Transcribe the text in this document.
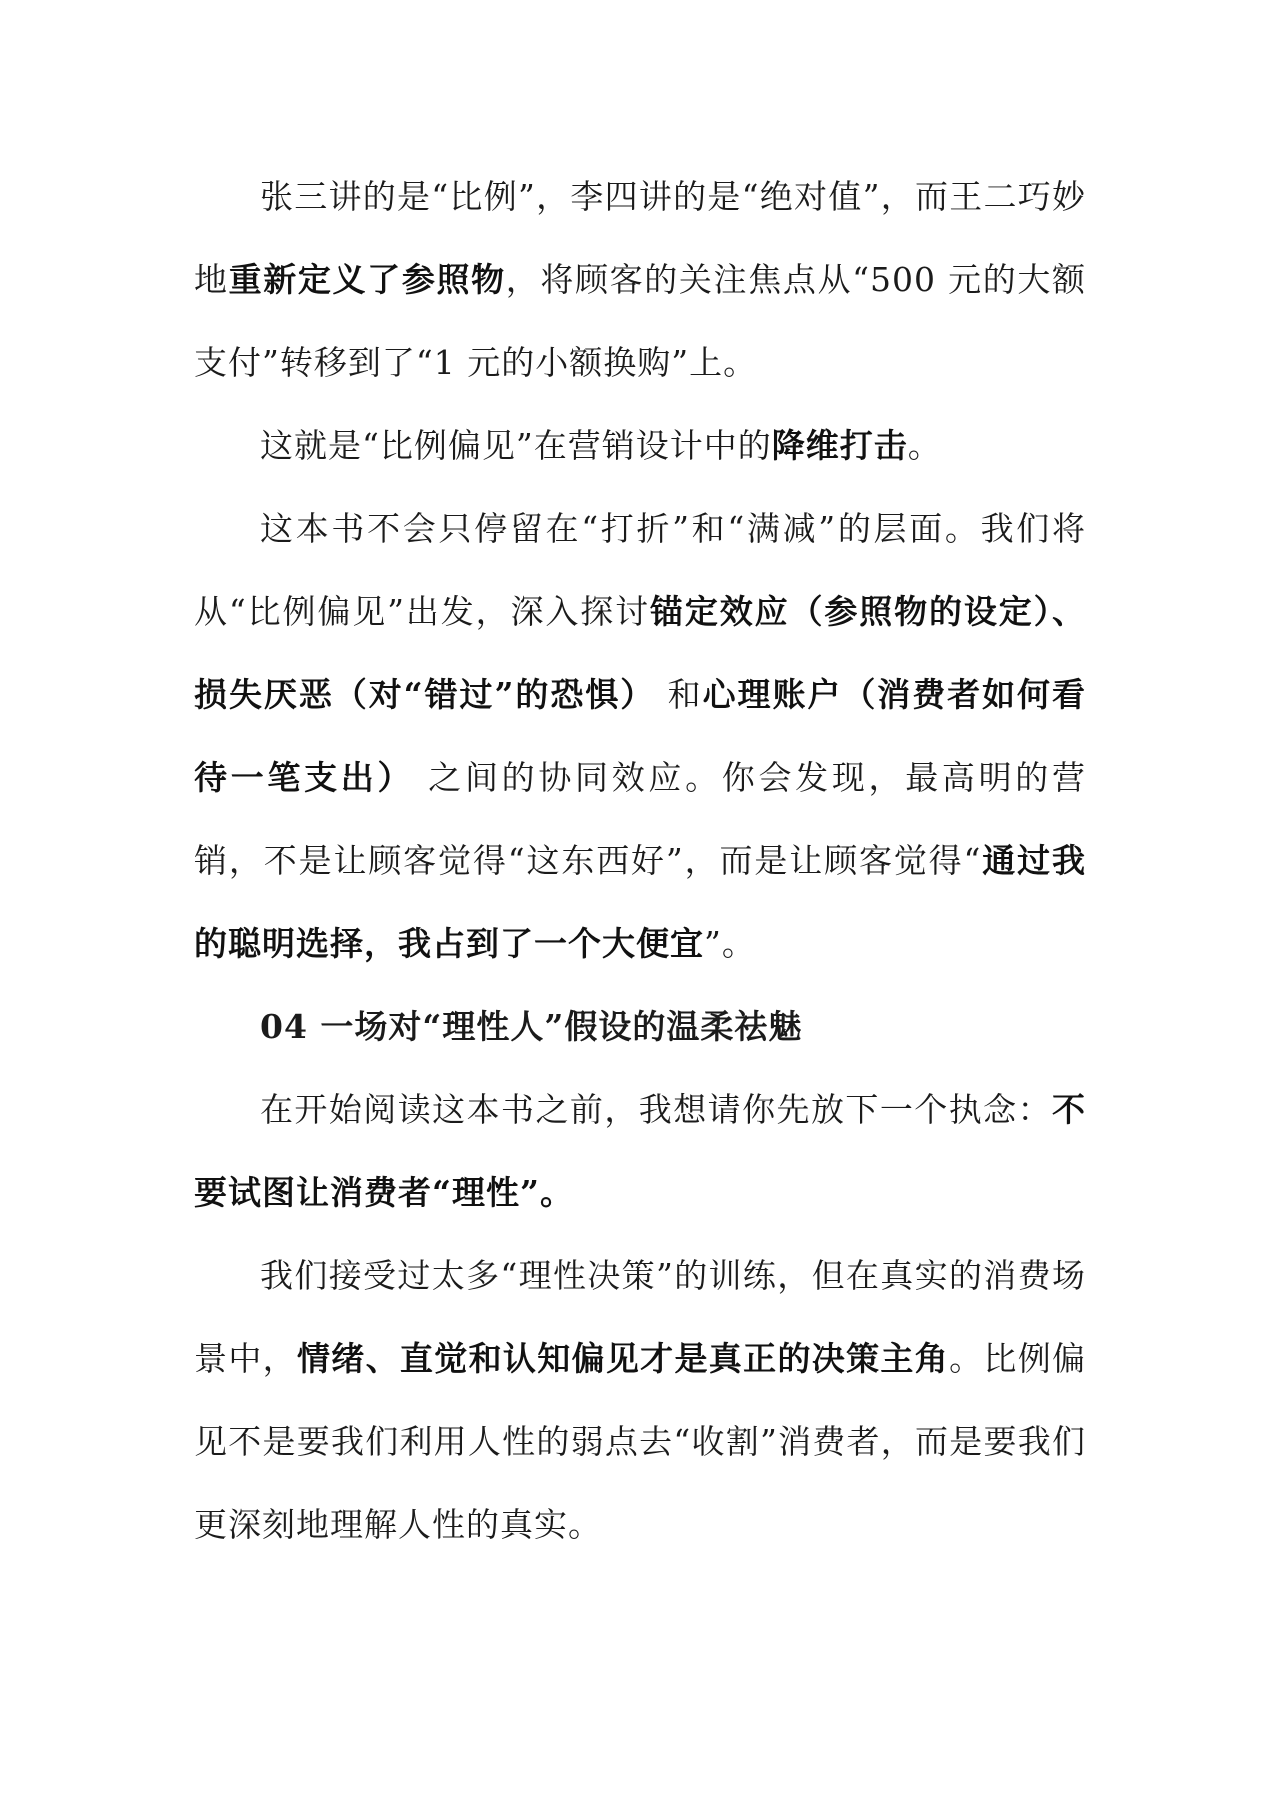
张三讲的是“比例”，李四讲的是“绝对值”，而王二巧妙地重新定义了参照物，将顾客的关注焦点从“500 元的大额支付”转移到了“1 元的小额换购”上。

这就是“比例偏见”在营销设计中的降维打击。

这本书不会只停留在“打折”和“满减”的层面。我们将从“比例偏见”出发，深入探讨锚定效应（参照物的设定）、损失厌恶（对“错过”的恐惧） 和心理账户（消费者如何看待一笔支出） 之间的协同效应。你会发现，最高明的营销，不是让顾客觉得“这东西好”，而是让顾客觉得“通过我的聪明选择，我占到了一个大便宜”。

04 一场对“理性人”假设的温柔祛魅

在开始阅读这本书之前，我想请你先放下一个执念：不要试图让消费者“理性”。

我们接受过太多“理性决策”的训练，但在真实的消费场景中，情绪、直觉和认知偏见才是真正的决策主角。比例偏见不是要我们利用人性的弱点去“收割”消费者，而是要我们更深刻地理解人性的真实。
